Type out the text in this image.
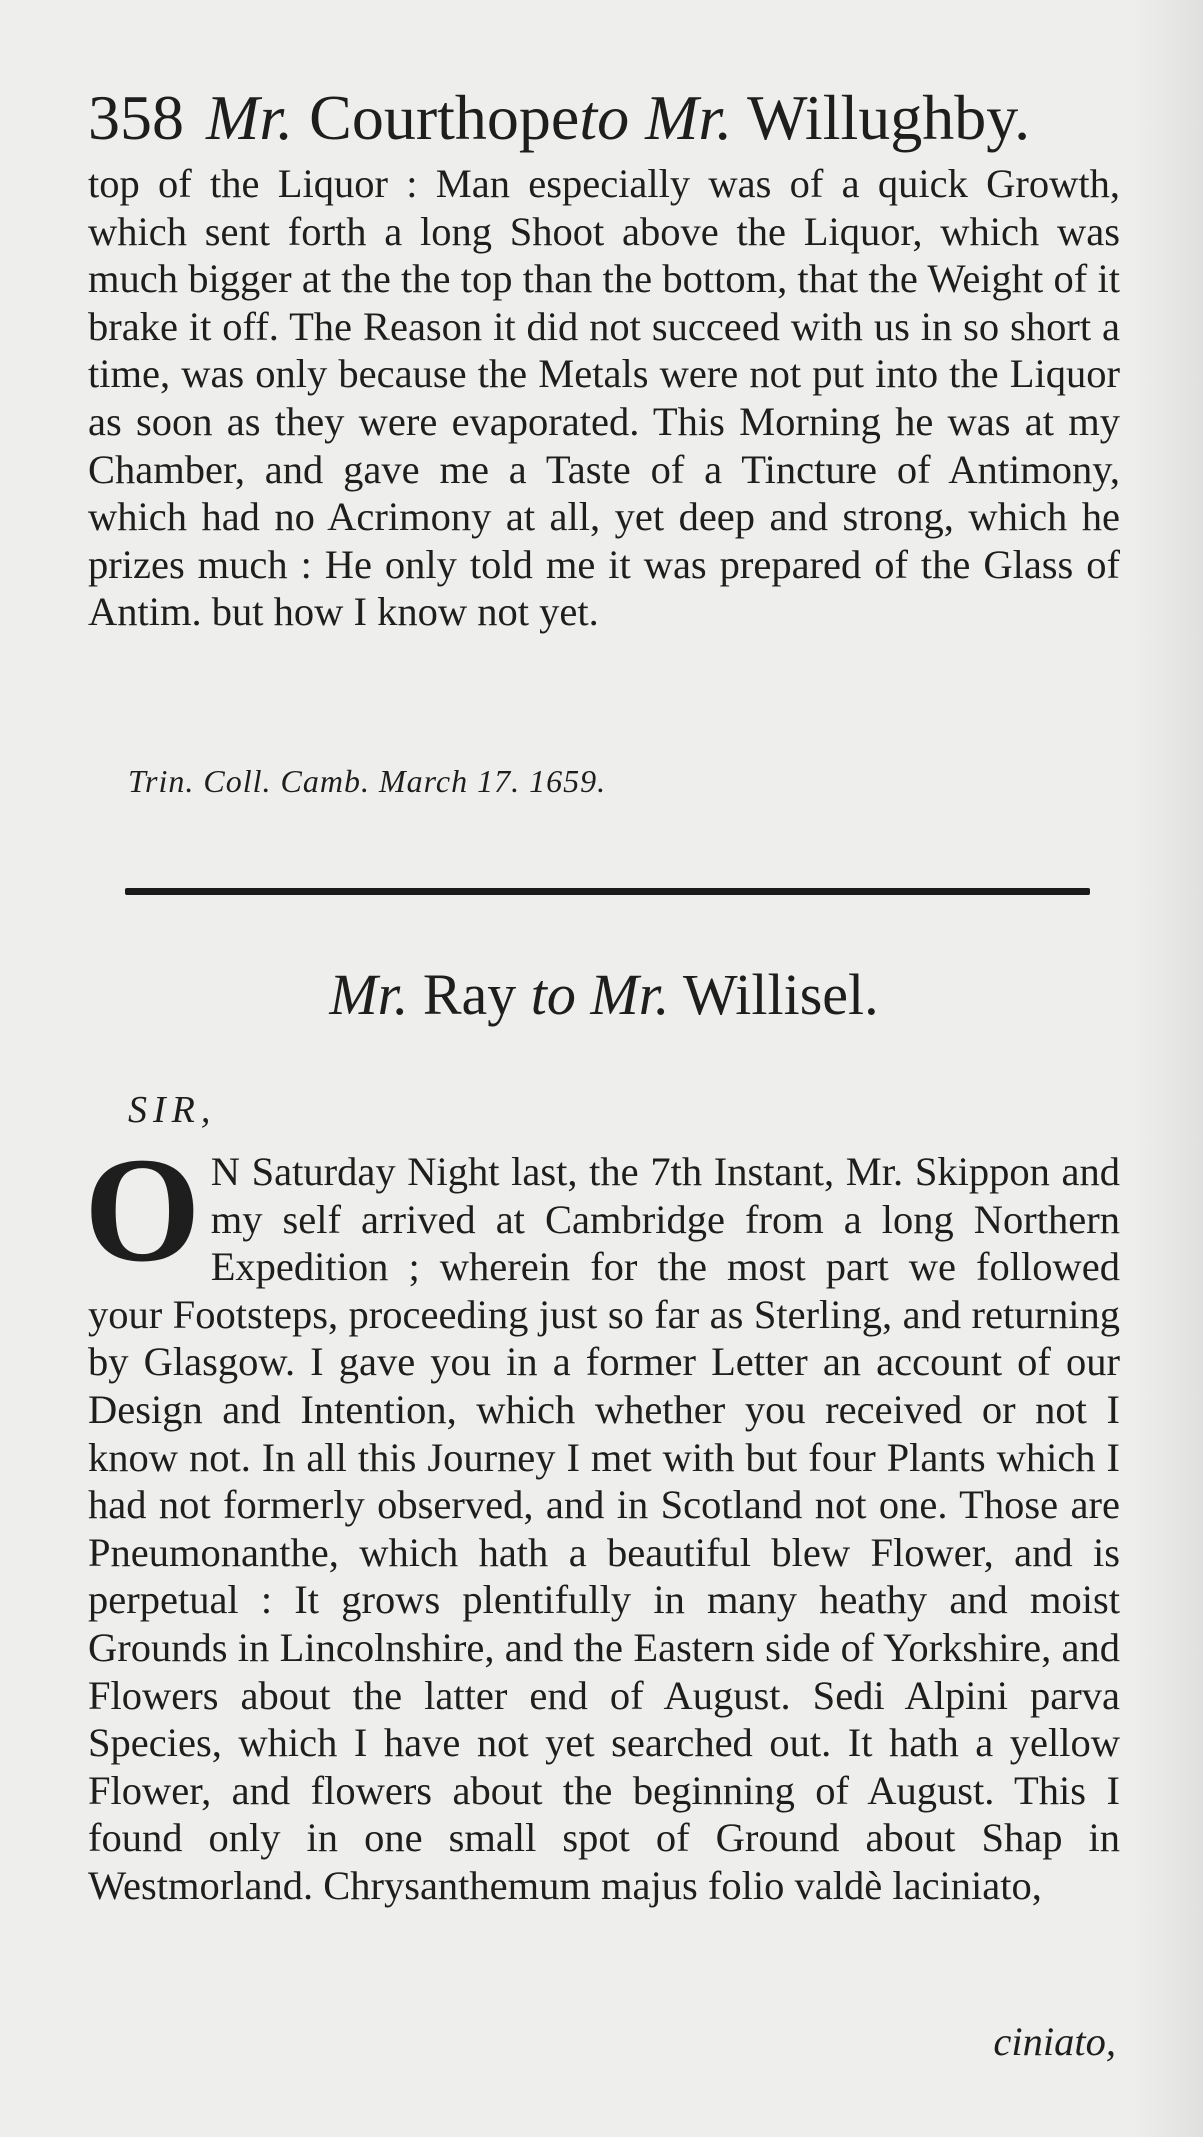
358 Mr. Courthopeto Mr. Willughby.

top of the Liquor : Man especially was of a quick Growth, which sent forth a long Shoot above the Liquor, which was much bigger at the the top than the bottom, that the Weight of it brake it off. The Reason it did not succeed with us in so short a time, was only because the Metals were not put into the Liquor as soon as they were evaporated. This Morning he was at my Chamber, and gave me a Taste of a Tincture of Antimony, which had no Acrimony at all, yet deep and strong, which he prizes much : He only told me it was prepared of the Glass of Antim. but how I know not yet.

Trin. Coll. Camb. March 17. 1659.
Mr. Ray to Mr. Willisel.
SIR,
O N Saturday Night last, the 7th Instant, Mr. Skippon and my self arrived at Cambridge from a long Northern Expedition ; wherein for the most part we followed your Footsteps, proceeding just so far as Sterling, and returning by Glasgow. I gave you in a former Letter an account of our Design and Intention, which whether you received or not I know not. In all this Journey I met with but four Plants which I had not formerly observed, and in Scotland not one. Those are Pneumonanthe, which hath a beautiful blew Flower, and is perpetual : It grows plentifully in many heathy and moist Grounds in Lincolnshire, and the Eastern side of Yorkshire, and Flowers about the latter end of August. Sedi Alpini parva Species, which I have not yet searched out. It hath a yellow Flower, and flowers about the beginning of August. This I found only in one small spot of Ground about Shap in Westmorland. Chrysanthemum majus folio valdè laciniato,

ciniato,
